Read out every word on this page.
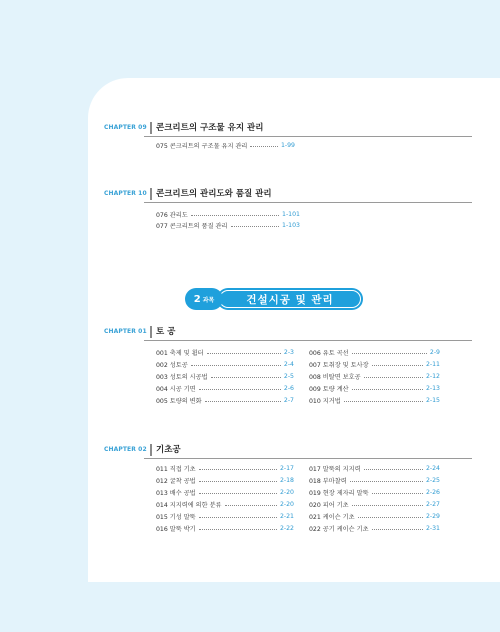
CHAPTER 09 콘크리트의 구조물 유지 관리
075 콘크리트의 구조물 유지 관리	1-99
CHAPTER 10 콘크리트의 관리도와 품질 관리
076 관리도	1-101
077 콘크리트의 품질 관리	1-103
건설시공 및 관리
2 과목
CHAPTER 01 토 공
001 축제 및 휨터	2-3
002 성토공	2-4
003 성토의 시공법	2-5
004 시공 기면	2-6
005 토량의 변화	2-7
006 유토 곡선	2-9
007 토취장 및 토사장	2-11
008 비탈면 보호공	2-12
009 토량 계산	2-13
010 지거법	2-15
CHAPTER 02 기초공
011 직접 기초	2-17
012 굴착 공법	2-18
013 배수 공법	2-20
014 지지력에 의한 분류	2-20
015 기성 말뚝	2-21
016 말뚝 박기	2-22
017 말뚝의 지지력	2-24
018 부마찰력	2-25
019 현장 제자리 말뚝	2-26
020 피어 기초	2-27
021 케이슨 기초	2-29
022 공기 케이슨 기초	2-31
